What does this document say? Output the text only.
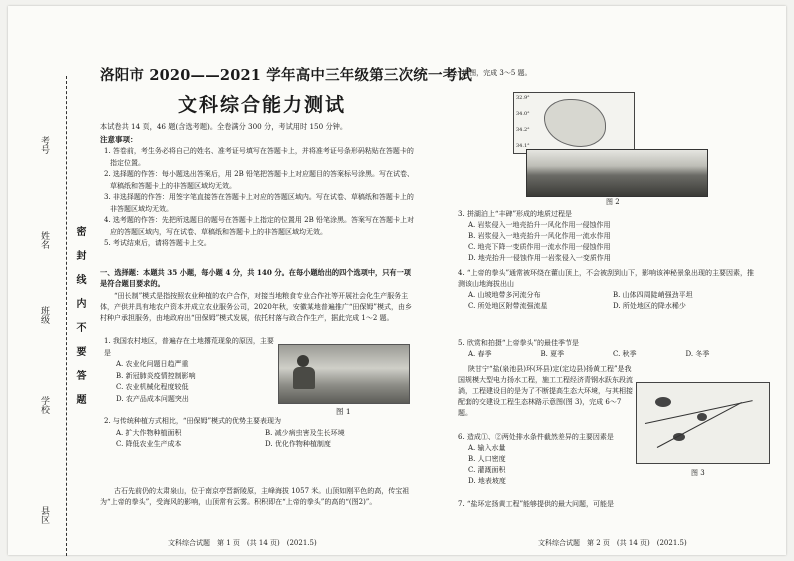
考号
姓名
班级
学校
县区
密封线内不要答题
洛阳市 2020——2021 学年高中三年级第三次统一考试
文科综合能力测试
本试卷共 14 页，46 题(含选考题)。全卷满分 300 分，考试用时 150 分钟。
注意事项：
1. 答卷前，考生务必将自己的姓名、准考证号填写在答题卡上，并将准考证号条形码粘贴在答题卡的指定位置。
2. 选择题的作答：每小题选出答案后，用 2B 铅笔把答题卡上对应题目的答案标号涂黑。写在试卷、草稿纸和答题卡上的非答题区域均无效。
3. 非选择题的作答：用签字笔直接答在答题卡上对应的答题区域内。写在试卷、草稿纸和答题卡上的非答题区域均无效。
4. 选考题的作答：先把所选题目的题号在答题卡上指定的位置用 2B 铅笔涂黑。答案写在答题卡上对应的答题区域内，写在试卷、草稿纸和答题卡上的非答题区域均无效。
5. 考试结束后，请将答题卡上交。
一、选择题：本题共 35 小题，每小题 4 分，共 140 分。在每小题给出的四个选项中，只有一项是符合题目要求的。
“田长制”模式是指按照农业种植的农户合作，对接当地粮食专业合作社等开展社会化生产服务主体，产供并具有地农户资本并成立农业服务公司，2020年秋，安徽某地普遍推广“田保姆”模式，由乡村种户承担服务，由地政府出“田保姆”模式发展，依托村落与政合作生产，据此完成 1～2 题。
1. 我国农村地区，普遍存在土地撂荒现象的原因，主要是
A. 农业化问题日趋严重
B. 新冠肺炎疫情控制影响
C. 农业机械化程度较低
D. 农产品成本问题突出
图 1
2. 与传统种植方式相比，“田保姆”模式的优势主要表现为
A. 扩大作物种植面积	B. 减少病虫害及生长环境
C. 降低农业生产成本	D. 优化作物种植制度
古石先前仍的太肃泉山，位于南京亭晋新陵原，主峰海拔 1057 米。山顶如刚平色的高，传宝祖为“上帝的拳头”，受海风的影响，山顶常有云雾。积积即在“上帝的拳头”的高的“(图2)”。
文科综合试题　第 1 页　(共 14 页)　(2021.5)
2)。据图，完成 3～5 题。
32.9°
34.0°
34.2°
34.1°
图 2
3. 拼湖泊上“丰碑”形成的地质过程是
A. 岩浆侵入一地壳抬升一风化作用一侵蚀作用
B. 岩浆侵入一地壳抬升一风化作用一流水作用
C. 地壳下降一变质作用一流水作用一侵蚀作用
D. 地壳抬升一侵蚀作用一岩浆侵入一变质作用
4. “上帝的拳头”通常被环绕在藿山顶上，不会被刮到山下，影响该神秘景象出现的主要因素，推测该山地海拔出山
A. 山坡地带多河流分布	B. 山体四周陡峭强劲平坦
C. 所处地区附带流强流星	D. 所处地区的降水稀少
5. 欣赏和拍摄“上帝拳头”的最佳季节是
A. 春季	B. 夏季	C. 秋季	D. 冬季
陕甘宁“盐(泉池县)环(环县)定(定边县)扬黄工程”是我国规模大型电力扬水工程，施工工程经济青钢水跃东段流淌，工程建设目的是为了不断提高生态大环境，与其相接配套的交建设工程生态林路示意图(图 3)，完成 6～7 题。
6. 造成①、②两处排水条件截然差异的主要因素是
A. 输入水量
B. 人口密度
C. 灌溉面积
D. 地表坡度
7. “盐环定扬黄工程”能够提供的最大问题，可能是
图 3
文科综合试题　第 2 页　(共 14 页)　(2021.5)
